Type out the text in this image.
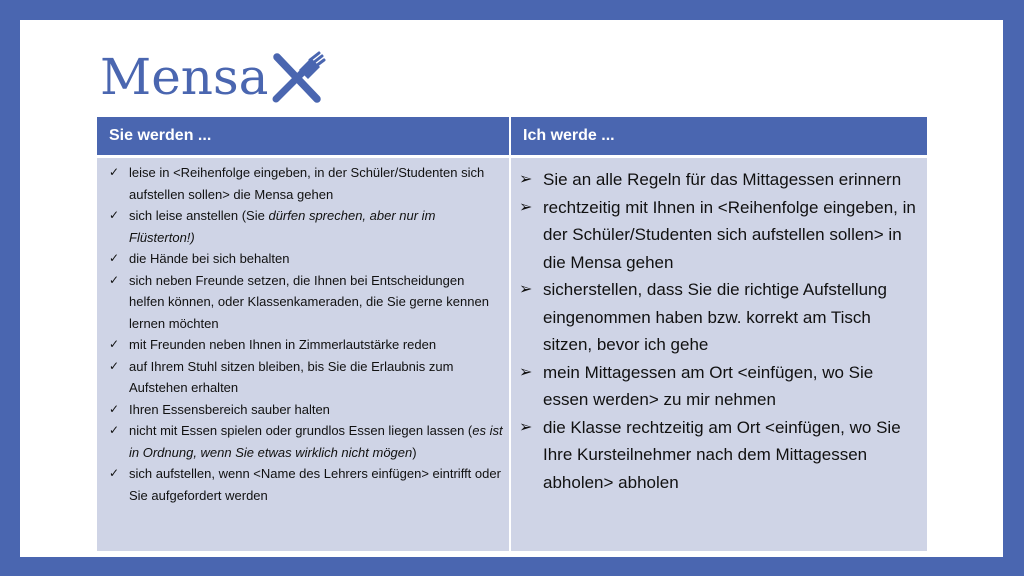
Mensa
Sie werden ...	Ich werde ...
✓ leise in <Reihenfolge eingeben, in der Schüler/Studenten sich aufstellen sollen> die Mensa gehen
✓ sich leise anstellen (Sie dürfen sprechen, aber nur im Flüsterton!)
✓ die Hände bei sich behalten
✓ sich neben Freunde setzen, die Ihnen bei Entscheidungen helfen können, oder Klassenkameraden, die Sie gerne kennen lernen möchten
✓ mit Freunden neben Ihnen in Zimmerlautstärke reden
✓ auf Ihrem Stuhl sitzen bleiben, bis Sie die Erlaubnis zum Aufstehen erhalten
✓ Ihren Essensbereich sauber halten
✓ nicht mit Essen spielen oder grundlos Essen liegen lassen (es ist in Ordnung, wenn Sie etwas wirklich nicht mögen)
✓ sich aufstellen, wenn <Name des Lehrers einfügen> eintrifft oder Sie aufgefordert werden
➢ Sie an alle Regeln für das Mittagessen erinnern
➢ rechtzeitig mit Ihnen in <Reihenfolge eingeben, in der Schüler/Studenten sich aufstellen sollen> in die Mensa gehen
➢ sicherstellen, dass Sie die richtige Aufstellung eingenommen haben bzw. korrekt am Tisch sitzen, bevor ich gehe
➢ mein Mittagessen am Ort <einfügen, wo Sie essen werden> zu mir nehmen
➢ die Klasse rechtzeitig am Ort <einfügen, wo Sie Ihre Kursteilnehmer nach dem Mittagessen abholen> abholen
